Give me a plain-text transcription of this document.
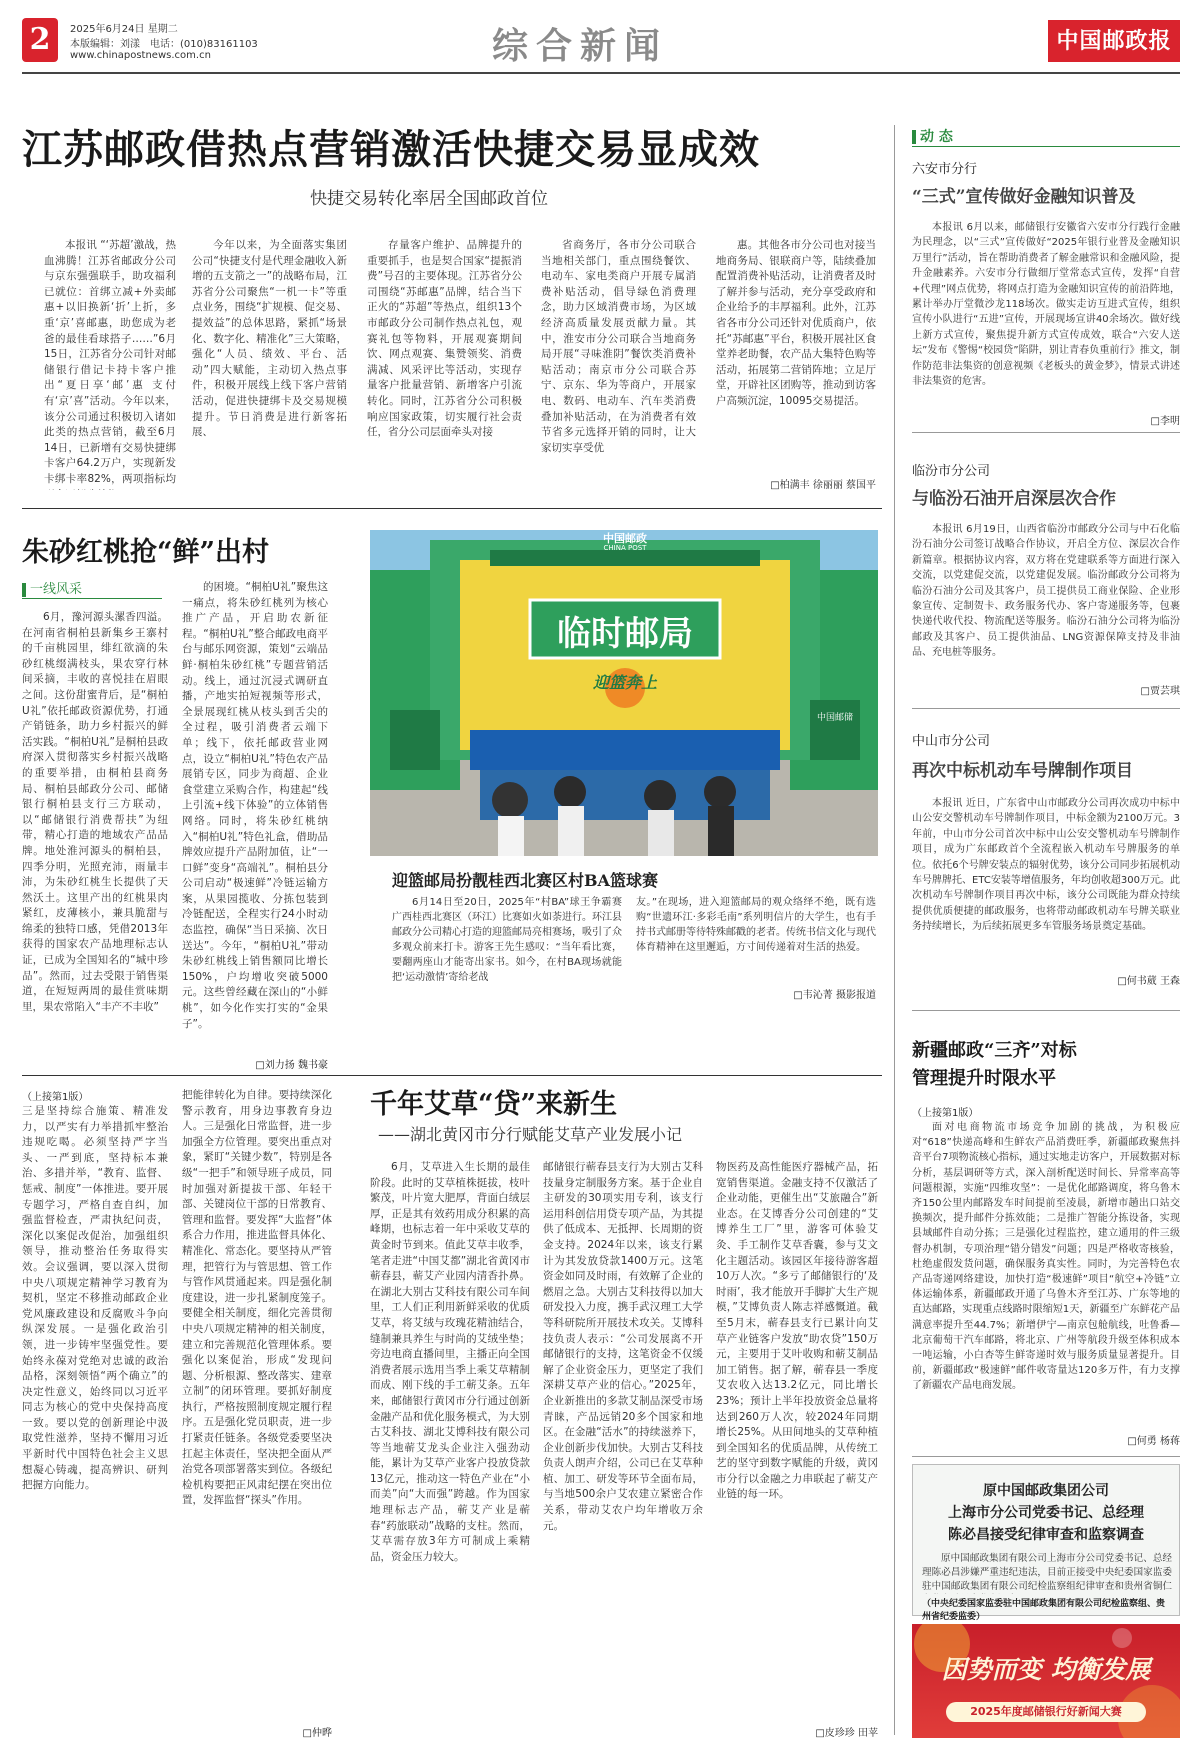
2	2025年6月24日 星期二
本版编辑：刘漾　电话：(010)83161103
www.chinapostnews.com.cn	综合新闻	中国邮政报
江苏邮政借热点营销激活快捷交易显成效
快捷交易转化率居全国邮政首位

本报讯 “‘苏超’激战，热血沸腾！江苏省邮政分公司与京东强强联手，助攻福利已就位：首绑立减+外卖邮惠+以旧换新‘折’上折，多重‘京’喜邮惠，助您成为老爸的最佳看球搭子……”6月15日，江苏省分公司针对邮储银行借记卡持卡客户推出“夏日享‘邮’惠 支付有‘京’喜”活动。今年以来，该分公司通过积极切入诸如此类的热点营销，截至6月14日，已新增有交易快捷绑卡客户64.2万户，实现新发卡绑卡率82%，两项指标均

今年以来，为全面落实集团公司“快捷支付是代理金融收入新增的五支箭之一”的战略布局，江苏省分公司聚焦“一机一卡”等重点业务，围绕“扩规模、促交易、提效益”的总体思路，紧抓“场景化、数字化、精准化”三大策略，强化“人员、绩效、平台、活动”四大赋能，主动切入热点事件，积极开展线上线下客户营销活动，促进快捷绑卡及交易规模提升。节日消费是进行新客拓展、

存量客户维护、品牌提升的重要抓手，也是契合国家“提振消费”号召的主要体现。江苏省分公司围绕“苏邮惠”品牌，结合当下正火的“苏超”等热点，组织13个市邮政分公司制作热点礼包，观赛礼包等物料，开展观赛期间饮、网点观赛、集赞领奖、消费满减、风采评比等活动，实现存量客户批量营销、新增客户引流转化。同时，江苏省分公司积极响应国家政策，切实履行社会责任，省分公司层面牵头对接

省商务厅，各市分公司联合当地相关部门，重点围绕餐饮、电动车、家电类商户开展专属消费补贴活动，倡导绿色消费理念，助力区域消费市场，为区域经济高质量发展贡献力量。其中，淮安市分公司联合当地商务局开展“寻味淮阴”餐饮类消费补贴活动；南京市分公司联合苏宁、京东、华为等商户，开展家电、数码、电动车、汽车类消费叠加补贴活动，在为消费者有效节省多元选择开销的同时，让大家切实享受优

惠。其他各市分公司也对接当地商务局、银联商户等，陆续叠加配置消费补贴活动，让消费者及时了解并参与活动，充分享受政府和企业给予的丰厚福利。此外，江苏省各市分公司还针对优质商户，依托“苏邮惠”平台，积极开展社区食堂养老助餐，农产品大集特色购等活动，拓展第二营销阵地；立足厅堂，开辟社区团购等，推动到访客户高频沉淀，10095交易提活。

□柏满丰 徐丽丽 蔡国平
朱砂红桃抢“鲜”出村
一线风采

6月，豫河源头漯香四溢。在河南省桐柏县新集乡王寨村的千亩桃园里，绯红欲滴的朱砂红桃缀满枝头，果农穿行林间采摘，丰收的喜悦挂在眉眼之间。这份甜蜜背后，是“桐柏U礼”依托邮政资源优势，打通产销链条，助力乡村振兴的鲜活实践。“桐柏U礼”是桐柏县政府深入贯彻落实乡村振兴战略的重要举措，由桐柏县商务局、桐柏县邮政分公司、邮储银行桐柏县支行三方联动，以“邮储银行消费帮扶”为纽带，精心打造的地域农产品品牌。地处淮河源头的桐柏县，四季分明，光照充沛，雨量丰沛，为朱砂红桃生长提供了天然沃土。这里产出的红桃果肉紧红，皮薄核小，兼具脆甜与绵柔的独特口感，凭借2013年获得的国家农产品地理标志认证，已成为全国知名的“城中珍品”。然而，过去受限于销售渠道，在短短两周的最佳赏味期里，果农常陷入“丰产不丰收”

的困境。“桐柏U礼”聚焦这一痛点，将朱砂红桃列为核心推广产品，开启助农新征程。“桐柏U礼”整合邮政电商平台与邮乐网资源，策划“云端品鲜·桐柏朱砂红桃”专题营销活动。线上，通过沉浸式调研直播，产地实拍短视频等形式，全景展现红桃从枝头到舌尖的全过程，吸引消费者云端下单；线下，依托邮政营业网点，设立“桐柏U礼”特色农产品展销专区，同步为商超、企业食堂建立采购合作，构建起“线上引流+线下体验”的立体销售网络。同时，将朱砂红桃纳入“桐柏U礼”特色礼盒，借助品牌效应提升产品附加值，让“一口鲜”变身“高端礼”。桐柏县分公司启动“极速鲜”冷链运输方案，从果园揽收、分拣包装到冷链配送，全程实行24小时动态监控，确保“当日采摘、次日送达”。今年，“桐柏U礼”带动朱砂红桃线上销售额同比增长150%，户均增收突破5000元。这些曾经藏在深山的“小鲜桃”，如今化作实打实的“金果子”。

□刘力扬 魏书豪
中国邮政
CHINA POST
临时邮局
迎篮奔上
中国邮储
迎篮邮局扮靓桂西北赛区村BA篮球赛

6月14日至20日，2025年“村BA”球王争霸赛广西桂西北赛区（环江）比赛如火如荼进行。环江县邮政分公司精心打造的迎篮邮局亮相赛场，吸引了众多观众前来打卡。游客王先生感叹：“当年看比赛，要翻两座山才能寄出家书。如今，在村BA现场就能把‘运动激情’寄给老战

友。”在现场，进入迎篮邮局的观众络绎不绝，既有选购“世遗环江·多彩毛南”系列明信片的大学生，也有手持书式邮册等待特殊邮戳的老者。传统书信文化与现代体育精神在这里邂逅，方寸间传递着对生活的热爱。

□韦沁菁 摄影报道
（上接第1版）

三是坚持综合施策、精准发力，以严实有力举措抓牢整治违规吃喝。必须坚持严字当头、一严到底，坚持标本兼治、多措并举，“教育、监督、惩戒、制度”一体推进。要开展专题学习，严格自查自纠，加强监督检查，严肃执纪问责，深化以案促改促治，加强组织领导，推动整治任务取得实效。会议强调，要以深入贯彻中央八项规定精神学习教育为契机，坚定不移推动邮政企业党风廉政建设和反腐败斗争向纵深发展。一是强化政治引领，进一步铸牢坚强党性。要始终永葆对党绝对忠诚的政治品格，深刻领悟“两个确立”的决定性意义，始终同以习近平同志为核心的党中央保持高度一致。要以党的创新理论中汲取党性滋养，坚持不懈用习近平新时代中国特色社会主义思想凝心铸魂，提高辨识、研判把握方向能力。

把能律转化为自律。要持续深化警示教育，用身边事教育身边人。三是强化日常监督，进一步加强全方位管理。要突出重点对象，紧盯“关键少数”，特别是各级“一把手”和领导班子成员，同时加强对新提拔干部、年轻干部、关键岗位干部的日常教育、管理和监督。要发挥“大监督”体系合力作用，推进监督具体化、精准化、常态化。要坚持从严管理，把管行为与管思想、管工作与管作风贯通起来。四是强化制度建设，进一步扎紧制度笼子。要健全相关制度，细化完善贯彻中央八项规定精神的相关制度，建立和完善规范化管理体系。要强化以案促治，形成“发现问题、分析根源、整改落实、建章立制”的闭环管理。要抓好制度执行，严格按照制度规定履行程序。五是强化党员职责，进一步打紧责任链条。各级党委要坚决扛起主体责任，坚决把全面从严治党各项部署落实到位。各级纪检机构要把正风肃纪摆在突出位置，发挥监督“探头”作用。

□仲晔
千年艾草“贷”来新生
——湖北黄冈市分行赋能艾草产业发展小记

6月，艾草进入生长期的最佳阶段。此时的艾草植株挺拔，枝叶繁茂，叶片宽大肥厚，背面白绒层厚，正是其有效药用成分积累的高峰期，也标志着一年中采收艾草的黄金时节到来。值此艾草丰收季，笔者走进“中国艾都”湖北省黄冈市蕲春县，蕲艾产业园内清香扑鼻。在湖北大别古艾科技有限公司车间里，工人们正利用新鲜采收的优质艾草，将艾绒与玫瑰花精油结合，缝制兼具养生与时尚的艾绒坐垫；旁边电商直播间里，主播正向全国消费者展示选用当季上乘艾草精制而成、刚下线的手工蕲艾条。五年来，邮储银行黄冈市分行通过创新金融产品和优化服务模式，为大别古艾科技、湖北艾博科技有限公司等当地蕲艾龙头企业注入强劲动能，累计为艾草产业客户投放贷款13亿元，推动这一特色产业在“小而美”向“大而强”跨越。作为国家地理标志产品，蕲艾产业是蕲春“药旅联动”战略的支柱。然而，艾草需存放3年方可制成上乘精品，资金压力较大。

邮储银行蕲春县支行为大别古艾科技量身定制服务方案。基于企业自主研发的30项实用专利，该支行运用科创信用贷专项产品，为其提供了低成本、无抵押、长周期的资金支持。2024年以来，该支行累计为其发放贷款1400万元。这笔资金如同及时雨，有效解了企业的燃眉之急。大别古艾科技得以加大研发投入力度，携手武汉理工大学等科研院所开展技术攻关。艾博科技负责人表示：“公司发展离不开邮储银行的支持，这笔资金不仅缓解了企业资金压力，更坚定了我们深耕艾草产业的信心。”2025年，企业新推出的多款艾制品深受市场青睐，产品远销20多个国家和地区。在金融“活水”的持续滋养下，企业创新步伐加快。大别古艾科技负责人朗声介绍，公司已在艾草种植、加工、研发等环节全面布局，与当地500余户艾农建立紧密合作关系，带动艾农户均年增收万余元。

物医药及高性能医疗器械产品，拓宽销售渠道。金融支持不仅激活了企业动能，更催生出“艾旅融合”新业态。在艾博香分公司创建的“艾博养生工厂”里，游客可体验艾灸、手工制作艾草香囊，参与艾文化主题活动。该园区年接待游客超10万人次。“多亏了邮储银行的‘及时雨’，我才能放开手脚扩大生产规模，”艾博负责人陈志祥感慨道。截至5月末，蕲春县支行已累计向艾草产业链客户发放“助农贷”150万元，主要用于艾叶收购和蕲艾制品加工销售。据了解，蕲春县一季度艾农收入达13.2亿元，同比增长23%；预计上半年投放资金总量将达到260万人次，较2024年同期增长25%。从田间地头的艾草种植到全国知名的优质品牌，从传统工艺的坚守到数字赋能的升级，黄冈市分行以金融之力串联起了蕲艾产业链的每一环。

□皮珍珍 田苹
动 态
六安市分行
“三式”宣传做好金融知识普及

本报讯 6月以来，邮储银行安徽省六安市分行践行金融为民理念，以“三式”宣传做好“2025年银行业普及金融知识万里行”活动，旨在帮助消费者了解金融常识和金融风险，提升金融素养。六安市分行做细厅堂常态式宣传，发挥“自营+代理”网点优势，将网点打造为金融知识宣传的前沿阵地，累计举办厅堂微沙龙118场次。做实走访互进式宣传，组织宣传小队进行“五进”宣传，开展现场宣讲40余场次。做好线上新方式宣传，聚焦提升新方式宣传成效，联合“六安人送坛”发布《警惕“校园贷”陷阱，别让青春负重前行》推文，制作防范非法集资的创意视频《老板头的黄金梦》，情景式讲述非法集资的危害。

□李明
临汾市分公司
与临汾石油开启深层次合作

本报讯 6月19日，山西省临汾市邮政分公司与中石化临汾石油分公司签订战略合作协议，开启全方位、深层次合作新篇章。根据协议内容，双方将在党建联系等方面进行深入交流，以党建促交流，以党建促发展。临汾邮政分公司将为临汾石油分公司及其客户，员工提供员工商业保险、企业形象宣传、定制贺卡、政务服务代办、客户寄递服务等，包裹快递代收代投、物流配送等服务。临汾石油分公司将为临汾邮政及其客户、员工提供油品、LNG资源保障支持及非油品、充电桩等服务。

□贾芸琪
中山市分公司
再次中标机动车号牌制作项目

本报讯 近日，广东省中山市邮政分公司再次成功中标中山公安交警机动车号牌制作项目，中标金额为2100万元。3年前，中山市分公司首次中标中山公安交警机动车号牌制作项目，成为广东邮政首个全流程嵌入机动车号牌服务的单位。依托6个号牌安装点的辐射优势，该分公司同步拓展机动车号牌牌托、ETC安装等增值服务，年均创收超300万元。此次机动车号牌制作项目再次中标，该分公司既能为群众持续提供优质便捷的邮政服务，也将带动邮政机动车号牌关联业务持续增长，为后续拓展更多车管服务场景奠定基础。

□何书葳 王森
新疆邮政“三齐”对标
管理提升时限水平
（上接第1版）

面对电商物流市场竞争加剧的挑战，为积极应对“618”快递高峰和生鲜农产品消费旺季，新疆邮政聚焦抖音平台7项物流核心指标，通过实地走访客户，开展数据对标分析，基层调研等方式，深入剖析配送时间长、异常率高等问题根源，实施“四维攻坚”：一是优化邮路调度，将乌鲁木齐150公里内邮路发车时间提前至凌晨，新增市趟出口站交换频次，提升邮件分拣效能；二是推广智能分拣设备，实现县域邮件自动分拣；三是强化过程监控，建立通用的件三级督办机制，专项治理“错分错发”问题；四是严格收寄核验，杜绝虚假发货问题，确保服务真实性。同时，为完善特色农产品寄递网络建设，加快打造“极速鲜”项目“航空+冷链”立体运输体系，新疆邮政开通了乌鲁木齐至江苏、广东等地的直达邮路，实现重点线路时限缩短1天，新疆至广东鲜花产品满意率提升至44.7%；新增伊宁—南京包舱航线，吐鲁番—北京葡萄干汽车邮路，将北京、广州等航段升级至体积成本一吨运输，小白杏等生鲜寄递时效与服务质量显著提升。目前，新疆邮政“极速鲜”邮件收寄量达120多万件，有力支撑了新疆农产品电商发展。

□何勇 杨蒋
原中国邮政集团公司
上海市分公司党委书记、总经理
陈必昌接受纪律审查和监察调查

原中国邮政集团有限公司上海市分公司党委书记、总经理陈必昌涉嫌严重违纪违法，目前正接受中央纪委国家监委驻中国邮政集团有限公司纪检监察组纪律审查和贵州省铜仁

（中央纪委国家监委驻中国邮政集团有限公司纪检监察组、贵州省纪委监委）
因势而变 均衡发展
2025年度邮储银行好新闻大赛
